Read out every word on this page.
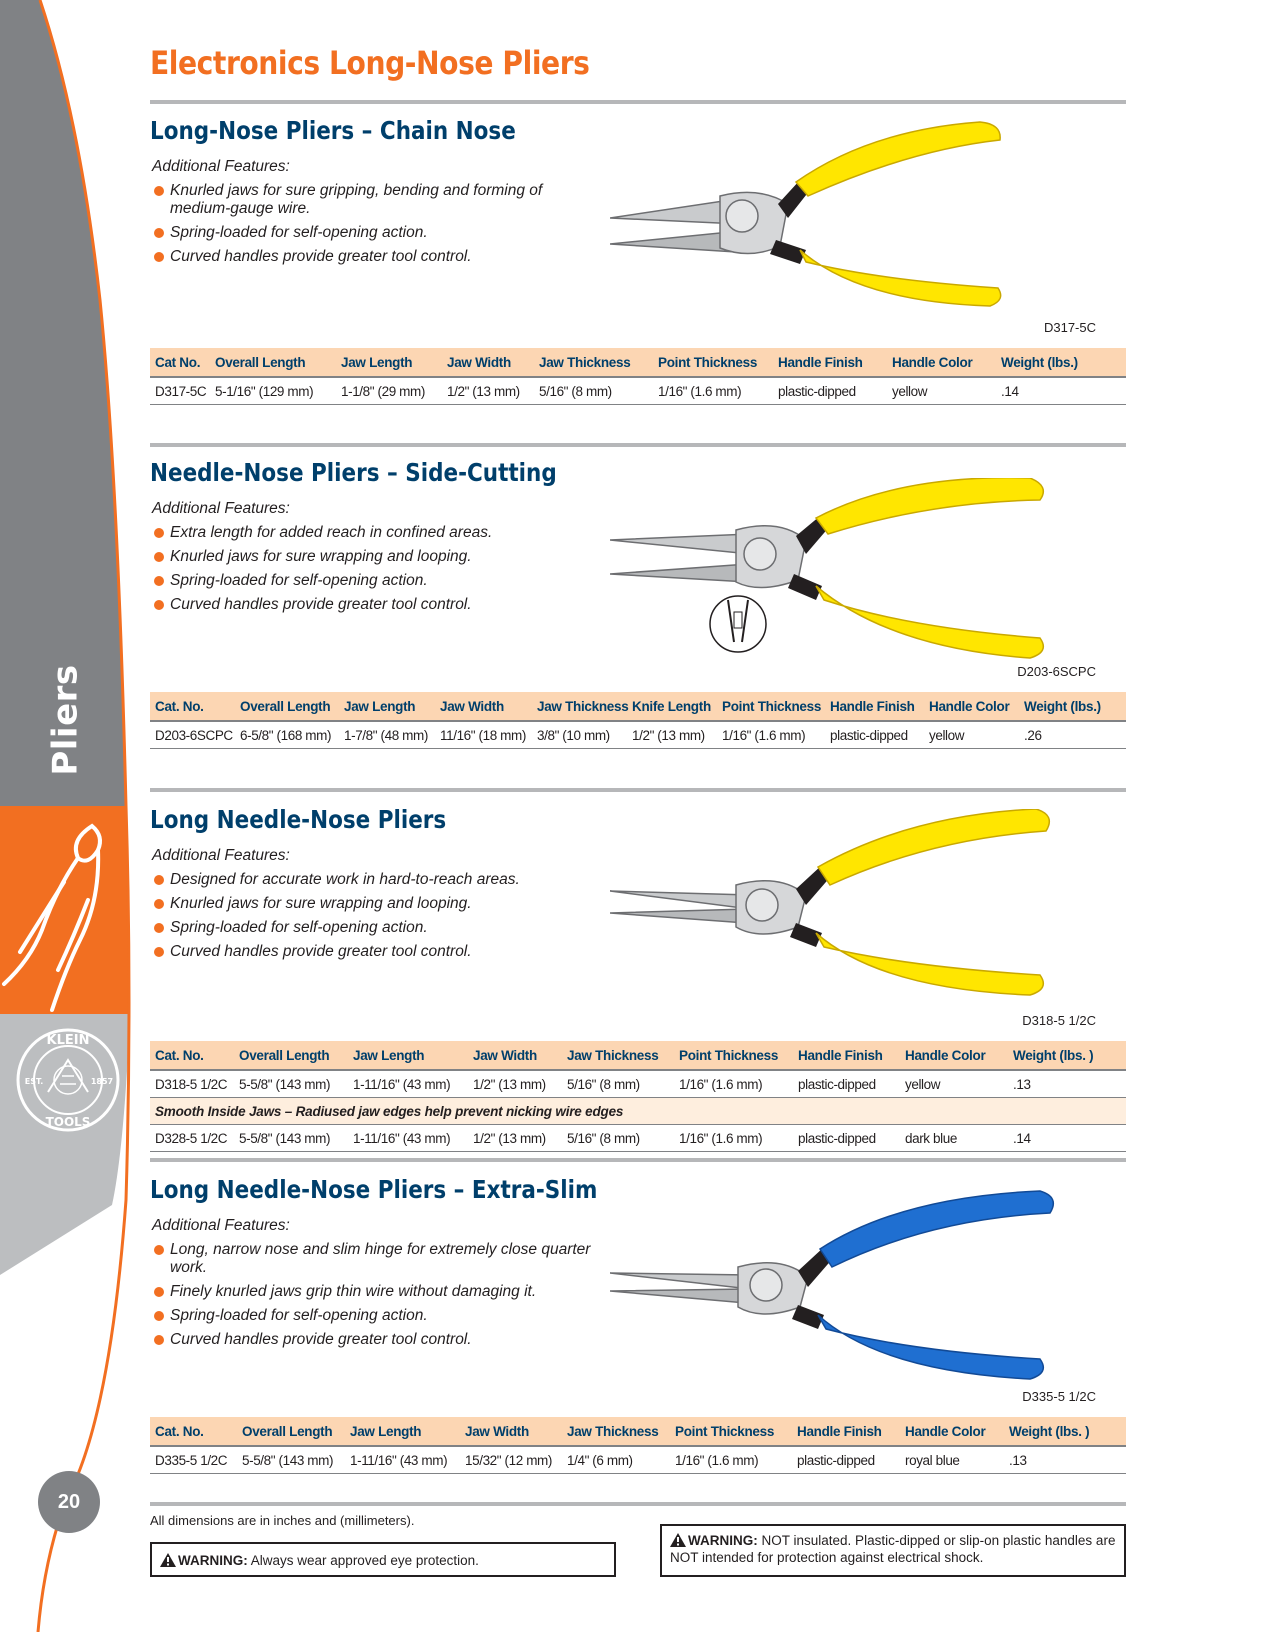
KLEIN
TOOLS
EST.	1857
Pliers
20
Electronics Long-Nose Pliers
Long-Nose Pliers – Chain Nose
Additional Features:
Knurled jaws for sure gripping, bending and forming of medium-gauge wire.
Spring-loaded for self-opening action.
Curved handles provide greater tool control.
D317-5C
Cat No.	Overall Length	Jaw Length	Jaw Width	Jaw Thickness	Point Thickness	Handle Finish	Handle Color	Weight (lbs.)
D317-5C	5-1/16" (129 mm)	1-1/8" (29 mm)	1/2" (13 mm)	5/16" (8 mm)	1/16" (1.6 mm)	plastic-dipped	yellow	.14
Needle-Nose Pliers – Side-Cutting
Additional Features:
Extra length for added reach in confined areas.
Knurled jaws for sure wrapping and looping.
Spring-loaded for self-opening action.
Curved handles provide greater tool control.
D203-6SCPC
Cat. No.	Overall Length	Jaw Length	Jaw Width	Jaw Thickness	Knife Length	Point Thickness	Handle Finish	Handle Color	Weight (lbs.)
D203-6SCPC	6-5/8" (168 mm)	1-7/8" (48 mm)	11/16" (18 mm)	3/8" (10 mm)	1/2" (13 mm)	1/16" (1.6 mm)	plastic-dipped	yellow	.26
Long Needle-Nose Pliers
Additional Features:
Designed for accurate work in hard-to-reach areas.
Knurled jaws for sure wrapping and looping.
Spring-loaded for self-opening action.
Curved handles provide greater tool control.
D318-5 1/2C
Cat. No.	Overall Length	Jaw Length	Jaw Width	Jaw Thickness	Point Thickness	Handle Finish	Handle Color	Weight (lbs. )
D318-5 1/2C	5-5/8" (143 mm)	1-11/16" (43 mm)	1/2" (13 mm)	5/16" (8 mm)	1/16" (1.6 mm)	plastic-dipped	yellow	.13
Smooth Inside Jaws – Radiused jaw edges help prevent nicking wire edges								
D328-5 1/2C	5-5/8" (143 mm)	1-11/16" (43 mm)	1/2" (13 mm)	5/16" (8 mm)	1/16" (1.6 mm)	plastic-dipped	dark blue	.14
Long Needle-Nose Pliers – Extra-Slim
Additional Features:
Long, narrow nose and slim hinge for extremely close quarter work.
Finely knurled jaws grip thin wire without damaging it.
Spring-loaded for self-opening action.
Curved handles provide greater tool control.
D335-5 1/2C
Cat. No.	Overall Length	Jaw Length	Jaw Width	Jaw Thickness	Point Thickness	Handle Finish	Handle Color	Weight (lbs. )
D335-5 1/2C	5-5/8" (143 mm)	1-11/16" (43 mm)	15/32" (12 mm)	1/4" (6 mm)	1/16" (1.6 mm)	plastic-dipped	royal blue	.13
All dimensions are in inches and (millimeters).
WARNING: Always wear approved eye protection.
WARNING: NOT insulated. Plastic-dipped or slip-on plastic handles are NOT intended for protection against electrical shock.
